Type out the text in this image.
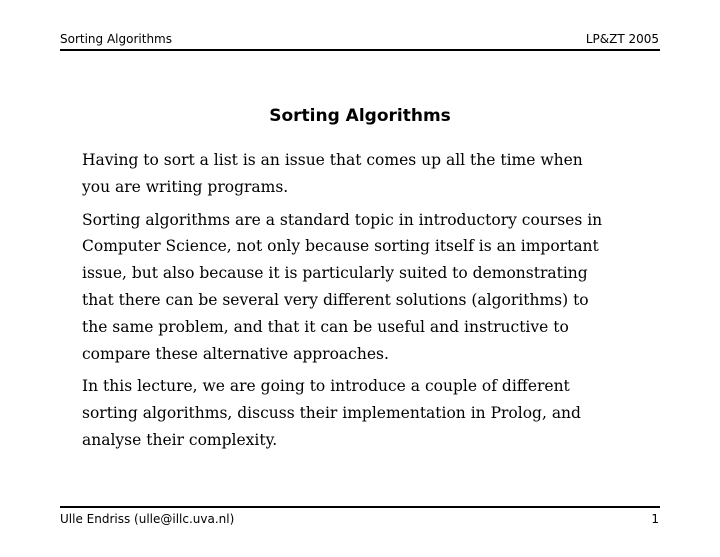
Sorting Algorithms	LP&ZT 2005
Sorting Algorithms
Having to sort a list is an issue that comes up all the time when
you are writing programs.
Sorting algorithms are a standard topic in introductory courses in
Computer Science, not only because sorting itself is an important
issue, but also because it is particularly suited to demonstrating
that there can be several very different solutions (algorithms) to
the same problem, and that it can be useful and instructive to
compare these alternative approaches.
In this lecture, we are going to introduce a couple of different
sorting algorithms, discuss their implementation in Prolog, and
analyse their complexity.
Ulle Endriss (ulle@illc.uva.nl)	1
